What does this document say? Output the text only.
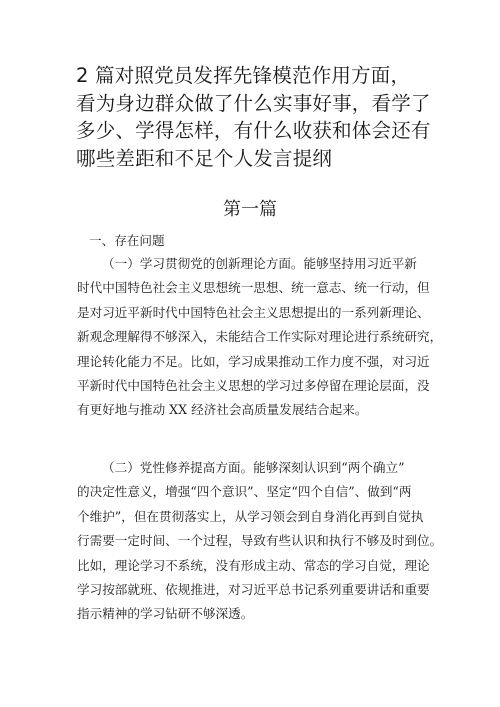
2 篇对照党员发挥先锋模范作用方面，
看为身边群众做了什么实事好事，看学了
多少、学得怎样，有什么收获和体会还有
哪些差距和不足个人发言提纲
第一篇

一、存在问题

（一）学习贯彻党的创新理论方面。能够坚持用习近平新
时代中国特色社会主义思想统一思想、统一意志、统一行动，但
是对习近平新时代中国特色社会主义思想提出的一系列新理论、
新观念理解得不够深入，未能结合工作实际对理论进行系统研究，
理论转化能力不足。比如，学习成果推动工作力度不强，对习近
平新时代中国特色社会主义思想的学习过多停留在理论层面，没
有更好地与推动 XX 经济社会高质量发展结合起来。

（二）党性修养提高方面。能够深刻认识到“两个确立”
的决定性意义，增强“四个意识”、坚定“四个自信”、做到“两
个维护”，但在贯彻落实上，从学习领会到自身消化再到自觉执
行需要一定时间、一个过程，导致有些认识和执行不够及时到位。
比如，理论学习不系统，没有形成主动、常态的学习自觉，理论
学习按部就班、依规推进，对习近平总书记系列重要讲话和重要
指示精神的学习钻研不够深透。
